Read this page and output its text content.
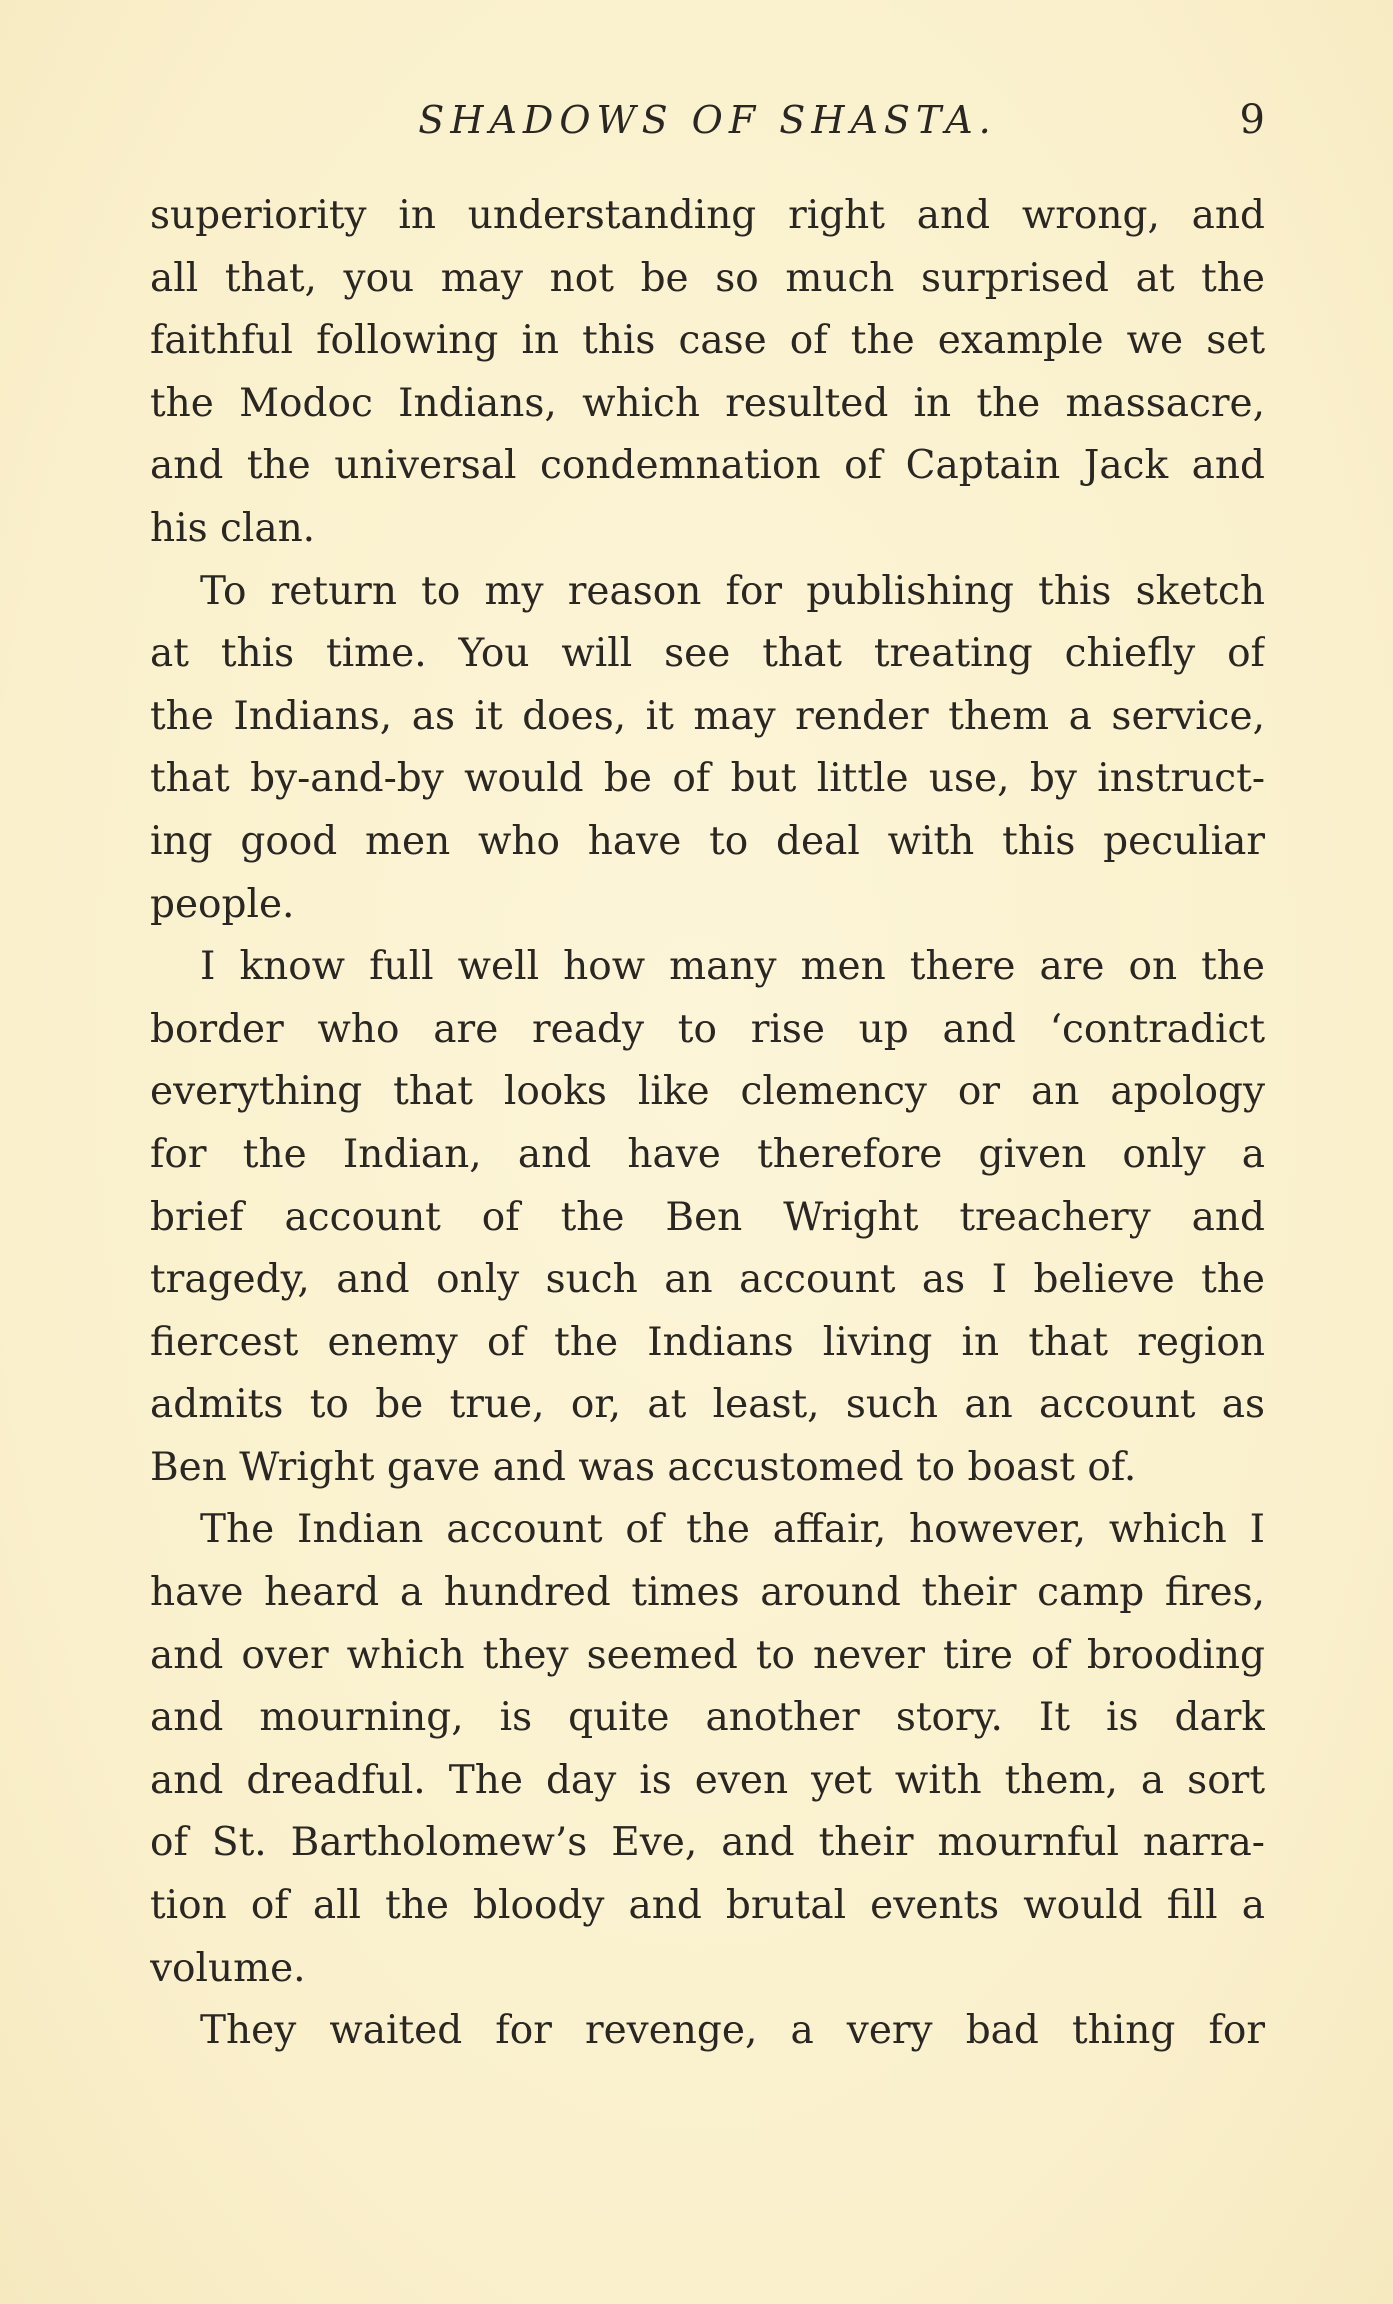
SHADOWS OF SHASTA.	9
superiority in understanding right and wrong, and
all that, you may not be so much surprised at the
faithful following in this case of the example we set
the Modoc Indians, which resulted in the massacre,
and the universal condemnation of Captain Jack and
his clan.
To return to my reason for publishing this sketch
at this time. You will see that treating chiefly of
the Indians, as it does, it may render them a service,
that by-and-by would be of but little use, by instruct-
ing good men who have to deal with this peculiar
people.
I know full well how many men there are on the
border who are ready to rise up and ʻcontradict
everything that looks like clemency or an apology
for the Indian, and have therefore given only a
brief account of the Ben Wright treachery and
tragedy, and only such an account as I believe the
fiercest enemy of the Indians living in that region
admits to be true, or, at least, such an account as
Ben Wright gave and was accustomed to boast of.
The Indian account of the affair, however, which I
have heard a hundred times around their camp fires,
and over which they seemed to never tire of brooding
and mourning, is quite another story. It is dark
and dreadful. The day is even yet with them, a sort
of St. Bartholomew’s Eve, and their mournful narra-
tion of all the bloody and brutal events would fill a
volume.
They waited for revenge, a very bad thing for
